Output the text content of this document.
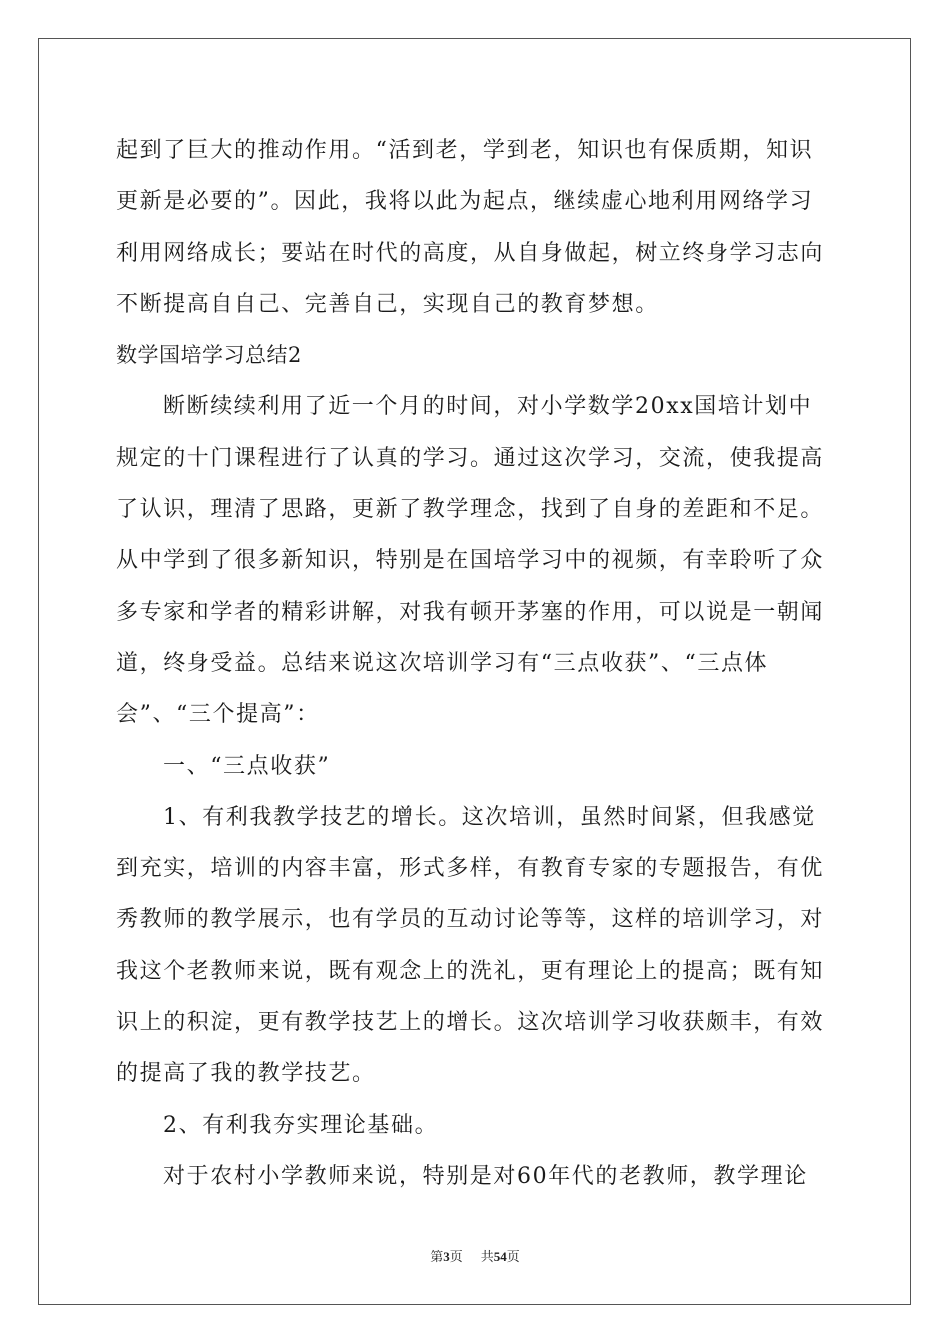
起到了巨大的推动作用。“活到老，学到老，知识也有保质期，知识
更新是必要的”。因此，我将以此为起点，继续虚心地利用网络学习
利用网络成长；要站在时代的高度，从自身做起，树立终身学习志向
不断提高自自己、完善自己，实现自己的教育梦想。
数学国培学习总结2
断断续续利用了近一个月的时间，对小学数学20xx国培计划中
规定的十门课程进行了认真的学习。通过这次学习，交流，使我提高
了认识，理清了思路，更新了教学理念，找到了自身的差距和不足。
从中学到了很多新知识，特别是在国培学习中的视频，有幸聆听了众
多专家和学者的精彩讲解，对我有顿开茅塞的作用，可以说是一朝闻
道，终身受益。总结来说这次培训学习有“三点收获”、“三点体
会”、“三个提高”：
一、“三点收获”
1、有利我教学技艺的增长。这次培训，虽然时间紧，但我感觉
到充实，培训的内容丰富，形式多样，有教育专家的专题报告，有优
秀教师的教学展示，也有学员的互动讨论等等，这样的培训学习，对
我这个老教师来说，既有观念上的洗礼，更有理论上的提高；既有知
识上的积淀，更有教学技艺上的增长。这次培训学习收获颇丰，有效
的提高了我的教学技艺。
2、有利我夯实理论基础。
对于农村小学教师来说，特别是对60年代的老教师，教学理论
第3页 共54页
